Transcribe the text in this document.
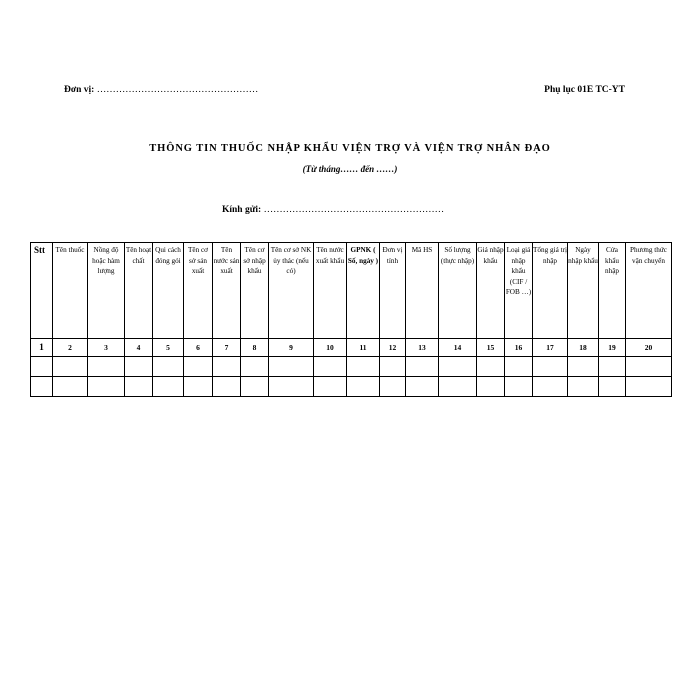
Đơn vị: ……………………………………………	Phụ lục 01E TC-YT
THÔNG TIN THUỐC NHẬP KHẨU VIỆN TRỢ VÀ VIỆN TRỢ NHÂN ĐẠO
(Từ tháng…… đến ……)
Kính gửi: …………………………………………………
Stt	Tên thuốc	Nồng độ hoặc hàm lượng	Tên hoạt chất	Qui cách đóng gói	Tên cơ sở sản xuất	Tên nước sản xuất	Tên cơ sở nhập khẩu	Tên cơ sở NK ủy thác (nếu có)	Tên nước xuất khẩu	GPNK ( Số, ngày )	Đơn vị tính	Mã HS	Số lượng (thực nhập)	Giá nhập khẩu	Loại giá nhập khẩu (CIF / FOB …)	Tổng giá trị nhập	Ngày nhập khẩu	Cửa khẩu nhập	Phương thức vận chuyển
1	2	3	4	5	6	7	8	9	10	11	12	13	14	15	16	17	18	19	20
